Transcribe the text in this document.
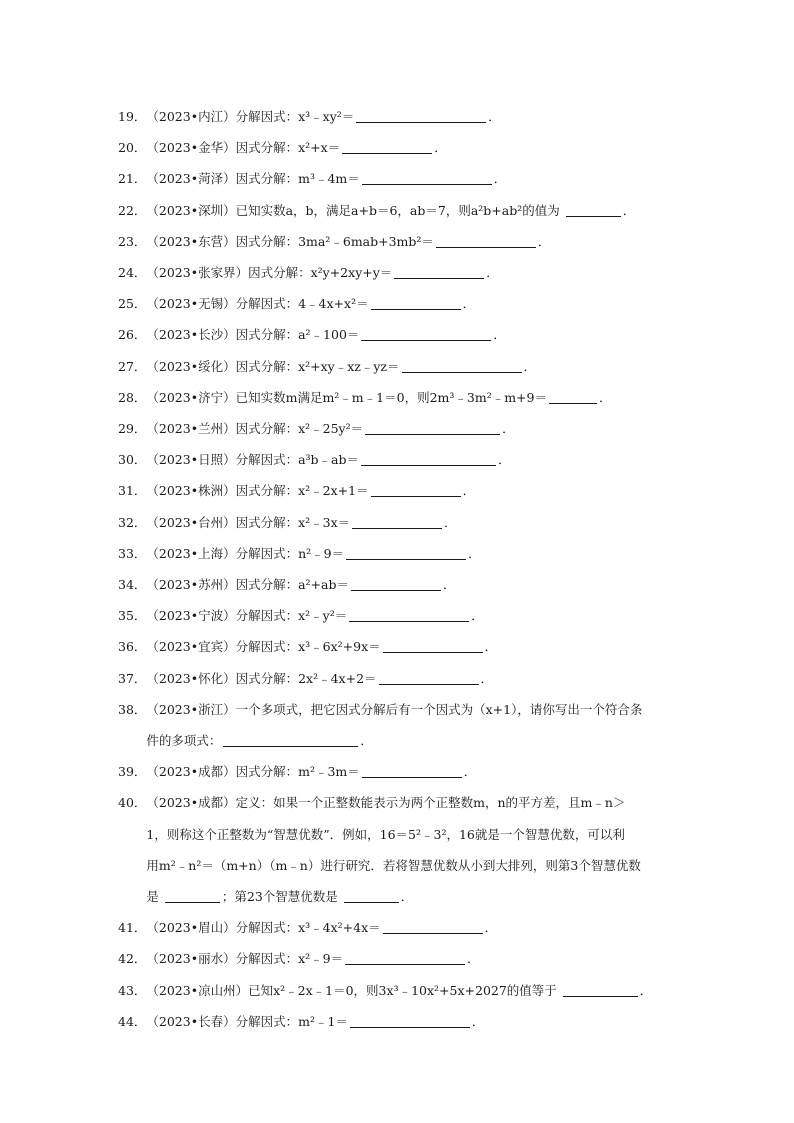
19． （2023•内江）分解因式：x³﹣xy²＝	．
20． （2023•金华）因式分解：x²+x＝	．
21． （2023•菏泽）因式分解：m³﹣4m＝	．
22． （2023•深圳）已知实数a，b，满足a+b＝6，ab＝7，则a²b+ab²的值为	．
23． （2023•东营）因式分解：3ma²﹣6mab+3mb²＝	．
24． （2023•张家界）因式分解：x²y+2xy+y＝	．
25． （2023•无锡）分解因式：4﹣4x+x²＝	．
26． （2023•长沙）因式分解：a²﹣100＝	．
27． （2023•绥化）因式分解：x²+xy﹣xz﹣yz＝	．
28． （2023•济宁）已知实数m满足m²﹣m﹣1＝0，则2m³﹣3m²﹣m+9＝	．
29． （2023•兰州）因式分解：x²﹣25y²＝	．
30． （2023•日照）分解因式：a³b﹣ab＝	．
31． （2023•株洲）因式分解：x²﹣2x+1＝	．
32． （2023•台州）因式分解：x²﹣3x＝	．
33． （2023•上海）分解因式：n²﹣9＝	．
34． （2023•苏州）因式分解：a²+ab＝	．
35． （2023•宁波）分解因式：x²﹣y²＝	．
36． （2023•宜宾）分解因式：x³﹣6x²+9x＝	．
37． （2023•怀化）因式分解：2x²﹣4x+2＝	．
38． （2023•浙江）一个多项式，把它因式分解后有一个因式为（x+1），请你写出一个符合条
件的多项式：	．
39． （2023•成都）因式分解：m²﹣3m＝	．
40． （2023•成都）定义：如果一个正整数能表示为两个正整数m，n的平方差，且m﹣n＞
1，则称这个正整数为“智慧优数”．例如，16＝5²﹣3²，16就是一个智慧优数，可以利
用m²﹣n²＝（m+n）（m﹣n）进行研究．若将智慧优数从小到大排列，则第3个智慧优数
是	；第23个智慧优数是	．
41． （2023•眉山）分解因式：x³﹣4x²+4x＝	．
42． （2023•丽水）分解因式：x²﹣9＝	．
43． （2023•凉山州）已知x²﹣2x﹣1＝0，则3x³﹣10x²+5x+2027的值等于	．
44． （2023•长春）分解因式：m²﹣1＝	．
